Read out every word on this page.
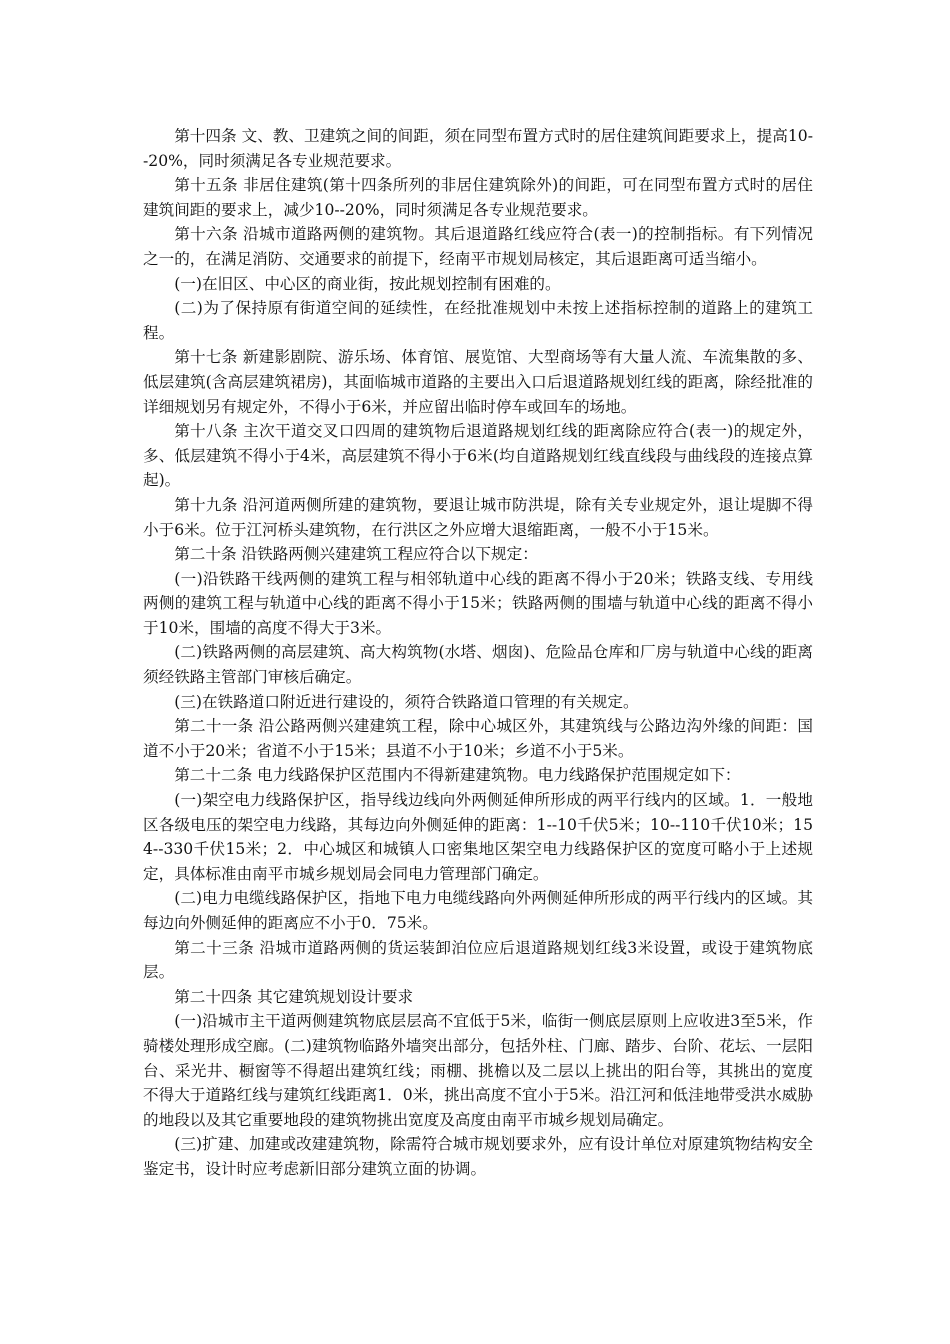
第十四条 文、教、卫建筑之间的间距，须在同型布置方式时的居住建筑间距要求上，提高10--20%，同时须满足各专业规范要求。

第十五条 非居住建筑(第十四条所列的非居住建筑除外)的间距，可在同型布置方式时的居住建筑间距的要求上，减少10--20%，同时须满足各专业规范要求。

第十六条 沿城市道路两侧的建筑物。其后退道路红线应符合(表一)的控制指标。有下列情况之一的，在满足消防、交通要求的前提下，经南平市规划局核定，其后退距离可适当缩小。

(一)在旧区、中心区的商业街，按此规划控制有困难的。

(二)为了保持原有街道空间的延续性，在经批准规划中未按上述指标控制的道路上的建筑工程。

第十七条 新建影剧院、游乐场、体育馆、展览馆、大型商场等有大量人流、车流集散的多、低层建筑(含高层建筑裙房)，其面临城市道路的主要出入口后退道路规划红线的距离，除经批准的详细规划另有规定外，不得小于6米，并应留出临时停车或回车的场地。

第十八条 主次干道交叉口四周的建筑物后退道路规划红线的距离除应符合(表一)的规定外，多、低层建筑不得小于4米，高层建筑不得小于6米(均自道路规划红线直线段与曲线段的连接点算起)。

第十九条 沿河道两侧所建的建筑物，要退让城市防洪堤，除有关专业规定外，退让堤脚不得小于6米。位于江河桥头建筑物，在行洪区之外应增大退缩距离，一般不小于15米。

第二十条 沿铁路两侧兴建建筑工程应符合以下规定：

(一)沿铁路干线两侧的建筑工程与相邻轨道中心线的距离不得小于20米；铁路支线、专用线两侧的建筑工程与轨道中心线的距离不得小于15米；铁路两侧的围墙与轨道中心线的距离不得小于10米，围墙的高度不得大于3米。

(二)铁路两侧的高层建筑、高大构筑物(水塔、烟囱)、危险品仓库和厂房与轨道中心线的距离须经铁路主管部门审核后确定。

(三)在铁路道口附近进行建设的，须符合铁路道口管理的有关规定。

第二十一条 沿公路两侧兴建建筑工程，除中心城区外，其建筑线与公路边沟外缘的间距：国道不小于20米；省道不小于15米；县道不小于10米；乡道不小于5米。

第二十二条 电力线路保护区范围内不得新建建筑物。电力线路保护范围规定如下：

(一)架空电力线路保护区，指导线边线向外两侧延伸所形成的两平行线内的区域。1．一般地区各级电压的架空电力线路，其每边向外侧延伸的距离：1--10千伏5米；10--110千伏10米；154--330千伏15米；2．中心城区和城镇人口密集地区架空电力线路保护区的宽度可略小于上述规定，具体标准由南平市城乡规划局会同电力管理部门确定。

(二)电力电缆线路保护区，指地下电力电缆线路向外两侧延伸所形成的两平行线内的区域。其每边向外侧延伸的距离应不小于0．75米。

第二十三条 沿城市道路两侧的货运装卸泊位应后退道路规划红线3米设置，或设于建筑物底层。

第二十四条 其它建筑规划设计要求

(一)沿城市主干道两侧建筑物底层层高不宜低于5米，临街一侧底层原则上应收进3至5米，作骑楼处理形成空廊。(二)建筑物临路外墙突出部分，包括外柱、门廊、踏步、台阶、花坛、一层阳台、采光井、橱窗等不得超出建筑红线；雨棚、挑檐以及二层以上挑出的阳台等，其挑出的宽度不得大于道路红线与建筑红线距离1．0米，挑出高度不宜小于5米。沿江河和低洼地带受洪水威胁的地段以及其它重要地段的建筑物挑出宽度及高度由南平市城乡规划局确定。

(三)扩建、加建或改建建筑物，除需符合城市规划要求外，应有设计单位对原建筑物结构安全鉴定书，设计时应考虑新旧部分建筑立面的协调。
